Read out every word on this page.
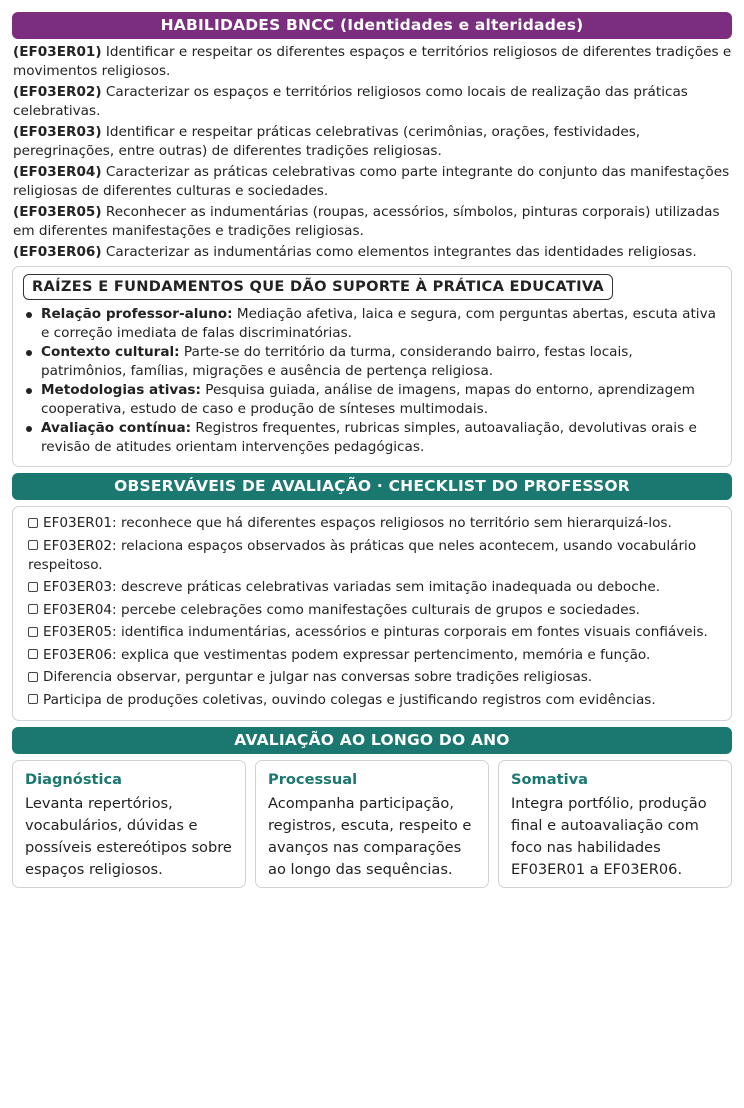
HABILIDADES BNCC (Identidades e alteridades)
(EF03ER01) Identificar e respeitar os diferentes espaços e territórios religiosos de diferentes tradições e movimentos religiosos.
(EF03ER02) Caracterizar os espaços e territórios religiosos como locais de realização das práticas celebrativas.
(EF03ER03) Identificar e respeitar práticas celebrativas (cerimônias, orações, festividades, peregrinações, entre outras) de diferentes tradições religiosas.
(EF03ER04) Caracterizar as práticas celebrativas como parte integrante do conjunto das manifestações religiosas de diferentes culturas e sociedades.
(EF03ER05) Reconhecer as indumentárias (roupas, acessórios, símbolos, pinturas corporais) utilizadas em diferentes manifestações e tradições religiosas.
(EF03ER06) Caracterizar as indumentárias como elementos integrantes das identidades religiosas.
RAÍZES E FUNDAMENTOS QUE DÃO SUPORTE À PRÁTICA EDUCATIVA
Relação professor-aluno: Mediação afetiva, laica e segura, com perguntas abertas, escuta ativa e correção imediata de falas discriminatórias.
Contexto cultural: Parte-se do território da turma, considerando bairro, festas locais, patrimônios, famílias, migrações e ausência de pertença religiosa.
Metodologias ativas: Pesquisa guiada, análise de imagens, mapas do entorno, aprendizagem cooperativa, estudo de caso e produção de sínteses multimodais.
Avaliação contínua: Registros frequentes, rubricas simples, autoavaliação, devolutivas orais e revisão de atitudes orientam intervenções pedagógicas.
OBSERVÁVEIS DE AVALIAÇÃO · CHECKLIST DO PROFESSOR
EF03ER01: reconhece que há diferentes espaços religiosos no território sem hierarquizá-los.
EF03ER02: relaciona espaços observados às práticas que neles acontecem, usando vocabulário respeitoso.
EF03ER03: descreve práticas celebrativas variadas sem imitação inadequada ou deboche.
EF03ER04: percebe celebrações como manifestações culturais de grupos e sociedades.
EF03ER05: identifica indumentárias, acessórios e pinturas corporais em fontes visuais confiáveis.
EF03ER06: explica que vestimentas podem expressar pertencimento, memória e função.
Diferencia observar, perguntar e julgar nas conversas sobre tradições religiosas.
Participa de produções coletivas, ouvindo colegas e justificando registros com evidências.
AVALIAÇÃO AO LONGO DO ANO
Diagnóstica
Levanta repertórios, vocabulários, dúvidas e possíveis estereótipos sobre espaços religiosos.
Processual
Acompanha participação, registros, escuta, respeito e avanços nas comparações ao longo das sequências.
Somativa
Integra portfólio, produção final e autoavaliação com foco nas habilidades EF03ER01 a EF03ER06.
